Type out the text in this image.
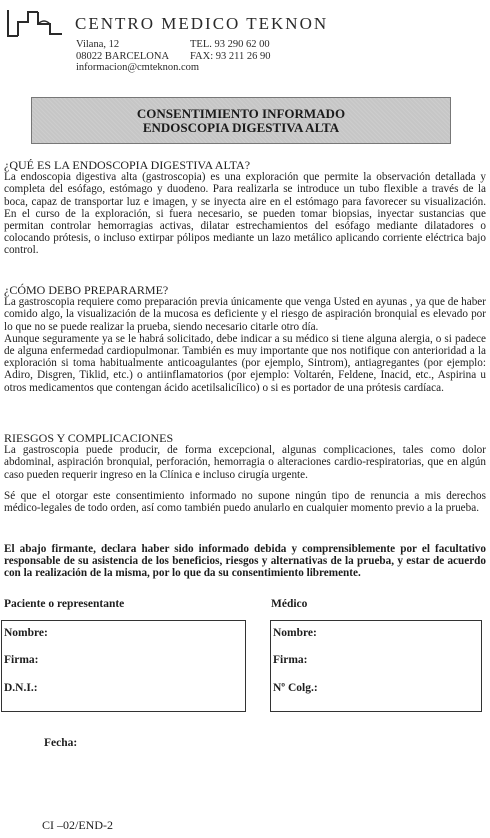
CENTRO MEDICO TEKNON
Vilana, 12
08022 BARCELONA
informacion@cmteknon.com
TEL. 93 290 62 00
FAX: 93 211 26 90
CONSENTIMIENTO INFORMADO
ENDOSCOPIA DIGESTIVA ALTA
¿QUÉ ES LA ENDOSCOPIA DIGESTIVA ALTA?

La endoscopia digestiva alta (gastroscopia) es una exploración que permite la observación detallada y completa del esófago, estómago y duodeno. Para realizarla se introduce un tubo flexible a través de la boca, capaz de transportar luz e imagen, y se inyecta aire en el estómago para favorecer su visualización. En el curso de la exploración, si fuera necesario, se pueden tomar biopsias, inyectar sustancias que permitan controlar hemorragias activas, dilatar estrechamientos del esófago mediante dilatadores o colocando prótesis, o incluso extirpar pólipos mediante un lazo metálico aplicando corriente eléctrica bajo control.

¿CÓMO DEBO PREPARARME?

La gastroscopia requiere como preparación previa únicamente que venga Usted en ayunas , ya que de haber comido algo, la visualización de la mucosa es deficiente y el riesgo de aspiración bronquial es elevado por lo que no se puede realizar la prueba, siendo necesario citarle otro día.

Aunque seguramente ya se le habrá solicitado, debe indicar a su médico si tiene alguna alergia, o si padece de alguna enfermedad cardiopulmonar. También es muy importante que nos notifique con anterioridad a la exploración si toma habitualmente anticoagulantes (por ejemplo, Sintrom), antiagregantes (por ejemplo: Adiro, Disgren, Tiklid, etc.) o antiinflamatorios (por ejemplo: Voltarén, Feldene, Inacid, etc., Aspirina u otros medicamentos que contengan ácido acetilsalicílico) o si es portador de una prótesis cardíaca.

RIESGOS Y COMPLICACIONES

La gastroscopia puede producir, de forma excepcional, algunas complicaciones, tales como dolor abdominal, aspiración bronquial, perforación, hemorragia o alteraciones cardio-respiratorias, que en algún caso pueden requerir ingreso en la Clínica e incluso cirugía urgente.

Sé que el otorgar este consentimiento informado no supone ningún tipo de renuncia a mis derechos médico-legales de todo orden, así como también puedo anularlo en cualquier momento previo a la prueba.

El abajo firmante, declara haber sido informado debida y comprensiblemente por el facultativo responsable de su asistencia de los beneficios, riesgos y alternativas de la prueba, y estar de acuerdo con la realización de la misma, por lo que da su consentimiento libremente.

Paciente o representante	Médico
Nombre:
Firma:
D.N.I.:
Nombre:
Firma:
Nº Colg.:
Fecha:
CI –02/END-2
